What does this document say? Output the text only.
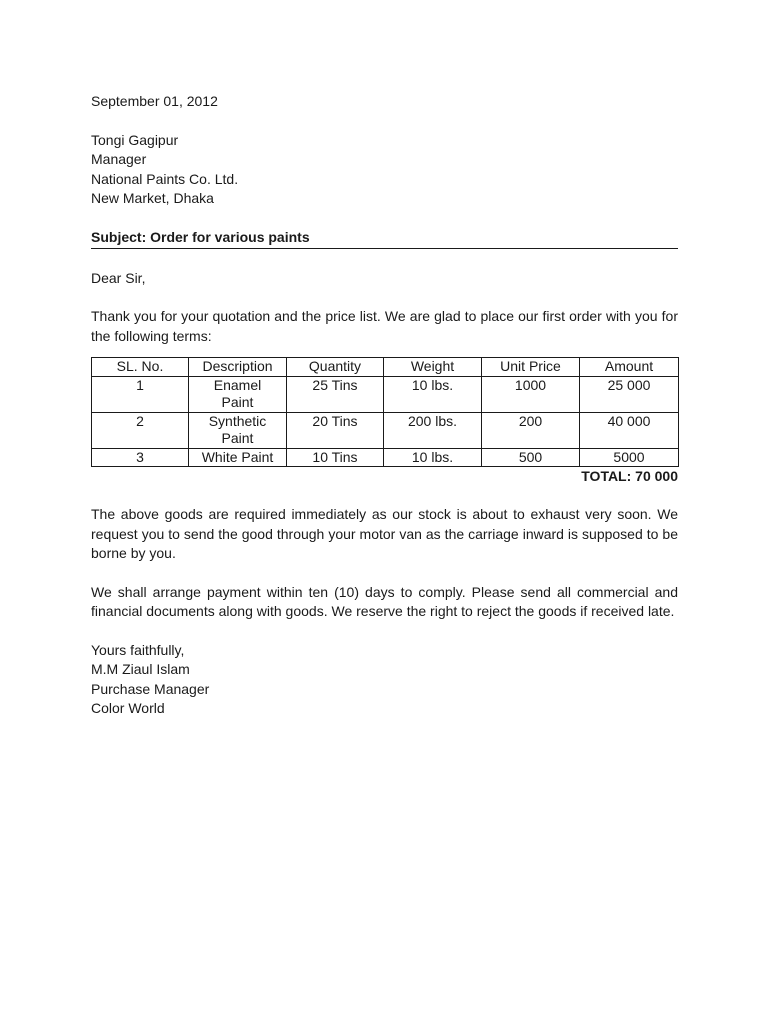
September 01, 2012
Tongi Gagipur
Manager
National Paints Co. Ltd.
New Market, Dhaka
Subject: Order for various paints
Dear Sir,
Thank you for your quotation and the price list. We are glad to place our first order with you for the following terms:
SL. No.	Description	Quantity	Weight	Unit Price	Amount
1	Enamel Paint	25 Tins	10 lbs.	1000	25 000
2	Synthetic Paint	20 Tins	200 lbs.	200	40 000
3	White Paint	10 Tins	10 lbs.	500	5000
TOTAL: 70 000
The above goods are required immediately as our stock is about to exhaust very soon. We request you to send the good through your motor van as the carriage inward is supposed to be borne by you.
We shall arrange payment within ten (10) days to comply. Please send all commercial and financial documents along with goods. We reserve the right to reject the goods if received late.
Yours faithfully,
M.M Ziaul Islam
Purchase Manager
Color World
